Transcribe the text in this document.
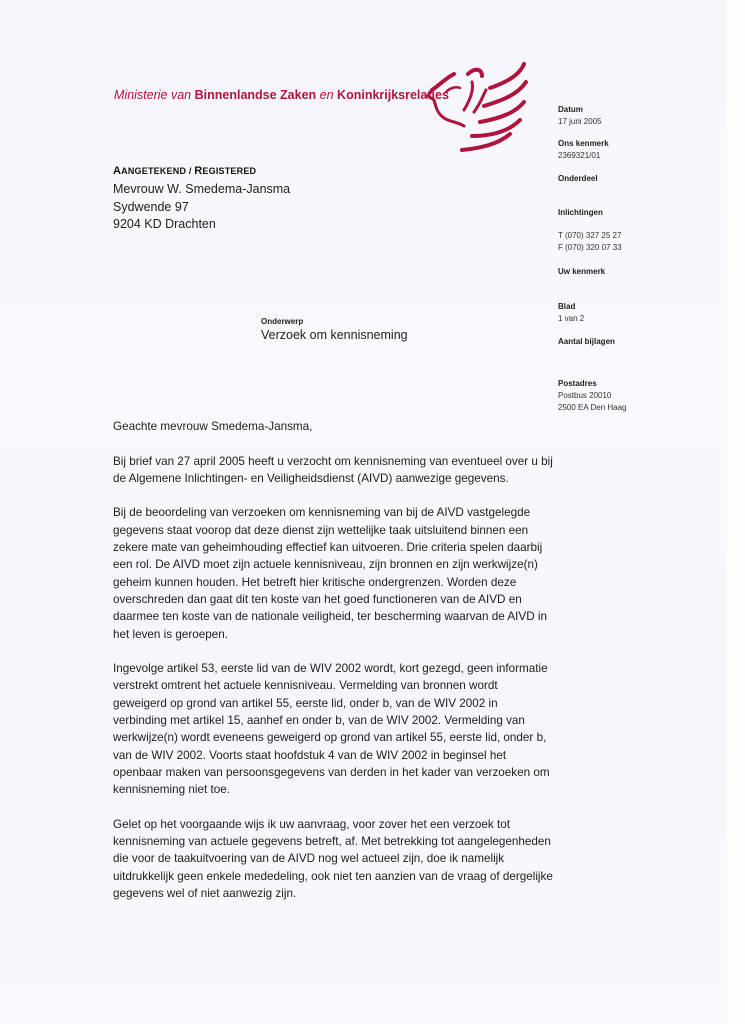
Ministerie van Binnenlandse Zaken en Koninkrijksrelaties
Datum
17 juni 2005
Ons kenmerk
2369321/01
Onderdeel
Inlichtingen
T (070) 327 25 27
F (070) 320 07 33
Uw kenmerk
Blad
1 van 2
Aantal bijlagen
Postadres
Postbus 20010
2500 EA Den Haag
AANGETEKEND / REGISTERED
Mevrouw W. Smedema-Jansma
Sydwende 97
9204 KD Drachten
Onderwerp
Verzoek om kennisneming

Geachte mevrouw Smedema-Jansma,

Bij brief van 27 april 2005 heeft u verzocht om kennisneming van eventueel over u bij de Algemene Inlichtingen- en Veiligheidsdienst (AIVD) aanwezige gegevens.

Bij de beoordeling van verzoeken om kennisneming van bij de AIVD vastgelegde gegevens staat voorop dat deze dienst zijn wettelijke taak uitsluitend binnen een zekere mate van geheimhouding effectief kan uitvoeren. Drie criteria spelen daarbij een rol. De AIVD moet zijn actuele kennisniveau, zijn bronnen en zijn werkwijze(n) geheim kunnen houden. Het betreft hier kritische ondergrenzen. Worden deze overschreden dan gaat dit ten koste van het goed functioneren van de AIVD en daarmee ten koste van de nationale veiligheid, ter bescherming waarvan de AIVD in het leven is geroepen.

Ingevolge artikel 53, eerste lid van de WIV 2002 wordt, kort gezegd, geen informatie verstrekt omtrent het actuele kennisniveau. Vermelding van bronnen wordt geweigerd op grond van artikel 55, eerste lid, onder b, van de WIV 2002 in verbinding met artikel 15, aanhef en onder b, van de WIV 2002. Vermelding van werkwijze(n) wordt eveneens geweigerd op grond van artikel 55, eerste lid, onder b, van de WIV 2002. Voorts staat hoofdstuk 4 van de WIV 2002 in beginsel het openbaar maken van persoonsgegevens van derden in het kader van verzoeken om kennisneming niet toe.

Gelet op het voorgaande wijs ik uw aanvraag, voor zover het een verzoek tot kennisneming van actuele gegevens betreft, af. Met betrekking tot aangelegenheden die voor de taakuitvoering van de AIVD nog wel actueel zijn, doe ik namelijk uitdrukkelijk geen enkele mededeling, ook niet ten aanzien van de vraag of dergelijke gegevens wel of niet aanwezig zijn.
